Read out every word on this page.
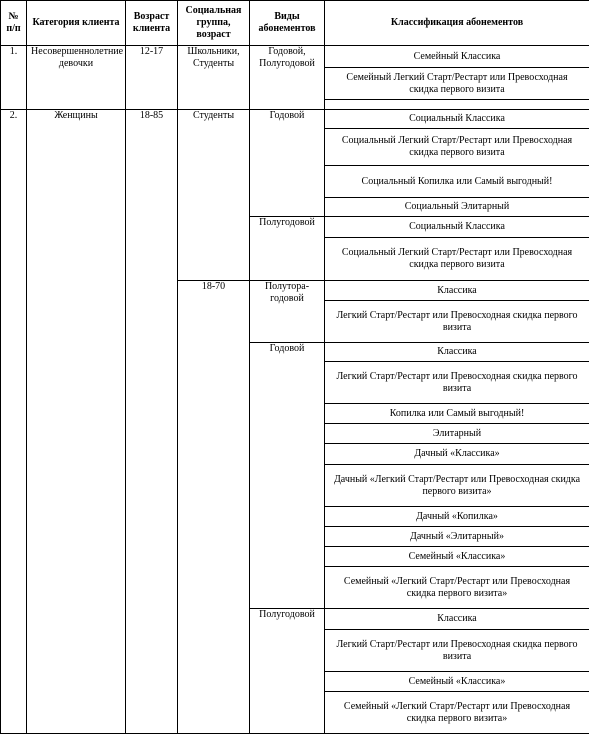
№ п/п	Категория клиента	Возраст клиента	Социальная группа, возраст	Виды абонементов	Классификация абонементов
1.	Несовершеннолетние девочки	12-17	Школьники, Студенты	Годовой, Полугодовой	Семейный Классика
					Семейный Легкий Старт/Рестарт или Превосходная скидка первого визита

2.	Женщины	18-85	Студенты	Годовой	Социальный Классика
					Социальный Легкий Старт/Рестарт или Превосходная скидка первого визита
					Социальный Копилка или Самый выгодный!
					Социальный Элитарный
				Полугодовой	Социальный Классика
					Социальный Легкий Старт/Рестарт или Превосходная скидка первого визита
			18-70	Полутора-годовой	Классика
					Легкий Старт/Рестарт или Превосходная скидка первого визита
				Годовой	Классика
					Легкий Старт/Рестарт или Превосходная скидка первого визита
					Копилка или Самый выгодный!
					Элитарный
					Дачный «Классика»
					Дачный «Легкий Старт/Рестарт или Превосходная скидка первого визита»
					Дачный «Копилка»
					Дачный «Элитарный»
					Семейный «Классика»
					Семейный «Легкий Старт/Рестарт или Превосходная скидка первого визита»
				Полугодовой	Классика
					Легкий Старт/Рестарт или Превосходная скидка первого визита
					Семейный «Классика»
					Семейный «Легкий Старт/Рестарт или Превосходная скидка первого визита»
